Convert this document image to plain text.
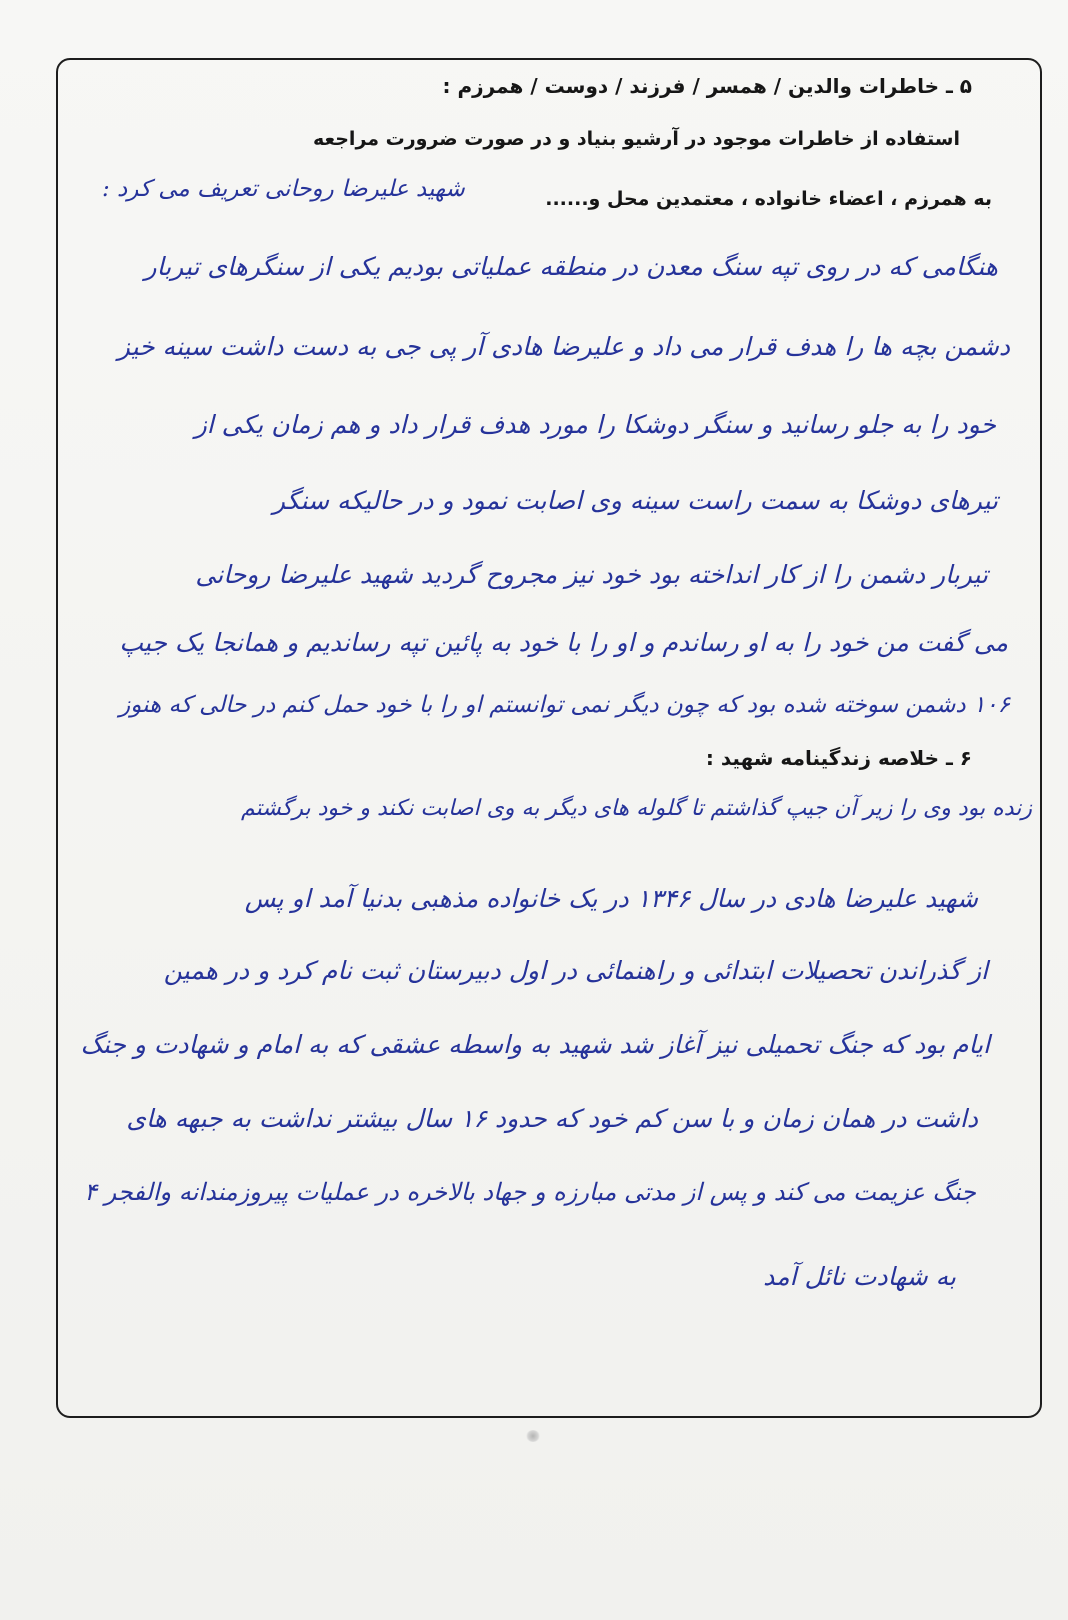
۵ ـ خاطرات والدین / همسر / فرزند / دوست / همرزم :
استفاده از خاطرات موجود در آرشیو بنیاد و در صورت ضرورت مراجعه
به همرزم ، اعضاء خانواده ، معتمدین محل و......
شهید علیرضا روحانی تعریف می کرد :
هنگامی که در روی تپه سنگ معدن در منطقه عملیاتی بودیم یکی از سنگرهای تیربار
دشمن بچه ها را هدف قرار می داد و علیرضا هادی آر پی جی به دست داشت سینه خیز
خود را به جلو رسانید و سنگر دوشکا را مورد هدف قرار داد و هم زمان یکی از
تیرهای دوشکا به سمت راست سینه وی اصابت نمود و در حالیکه سنگر
تیربار دشمن را از کار انداخته بود خود نیز مجروح گردید شهید علیرضا روحانی
می گفت من خود را به او رساندم و او را با خود به پائین تپه رساندیم و همانجا یک جیپ
۱۰۶ دشمن سوخته شده بود که چون دیگر نمی توانستم او را با خود حمل کنم در حالی که هنوز
۶ ـ خلاصه زندگینامه شهید :
زنده بود وی را زیر آن جیپ گذاشتم تا گلوله های دیگر به وی اصابت نکند و خود برگشتم
شهید علیرضا هادی در سال ۱۳۴۶ در یک خانواده مذهبی بدنیا آمد او پس
از گذراندن تحصیلات ابتدائی و راهنمائی در اول دبیرستان ثبت نام کرد و در همین
ایام بود که جنگ تحمیلی نیز آغاز شد شهید به واسطه عشقی که به امام و شهادت و جنگ
داشت در همان زمان و با سن کم خود که حدود ۱۶ سال بیشتر نداشت به جبهه های
جنگ عزیمت می کند و پس از مدتی مبارزه و جهاد بالاخره در عملیات پیروزمندانه والفجر ۴
به شهادت نائل آمد
